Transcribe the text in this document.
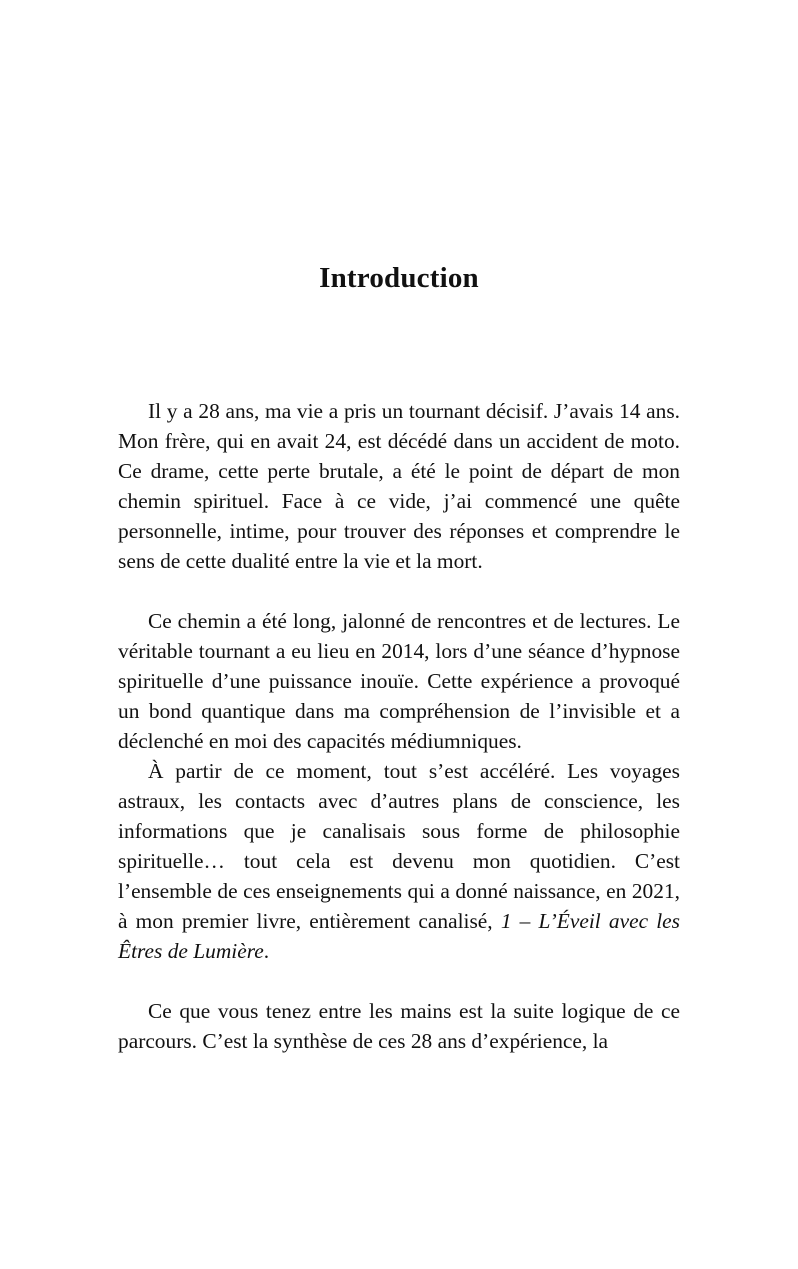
Introduction

Il y a 28 ans, ma vie a pris un tournant décisif. J’avais 14 ans. Mon frère, qui en avait 24, est décédé dans un accident de moto. Ce drame, cette perte brutale, a été le point de départ de mon chemin spirituel. Face à ce vide, j’ai commencé une quête personnelle, intime, pour trouver des réponses et comprendre le sens de cette dualité entre la vie et la mort.

Ce chemin a été long, jalonné de rencontres et de lectures. Le véritable tournant a eu lieu en 2014, lors d’une séance d’hypnose spirituelle d’une puissance inouïe. Cette expérience a provoqué un bond quantique dans ma compréhension de l’invisible et a déclenché en moi des capacités médiumniques.

À partir de ce moment, tout s’est accéléré. Les voyages astraux, les contacts avec d’autres plans de conscience, les informations que je canalisais sous forme de philosophie spirituelle… tout cela est devenu mon quotidien. C’est l’ensemble de ces enseignements qui a donné naissance, en 2021, à mon premier livre, entièrement canalisé, 1 – L’Éveil avec les Êtres de Lumière.

Ce que vous tenez entre les mains est la suite logique de ce parcours. C’est la synthèse de ces 28 ans d’expérience, la
